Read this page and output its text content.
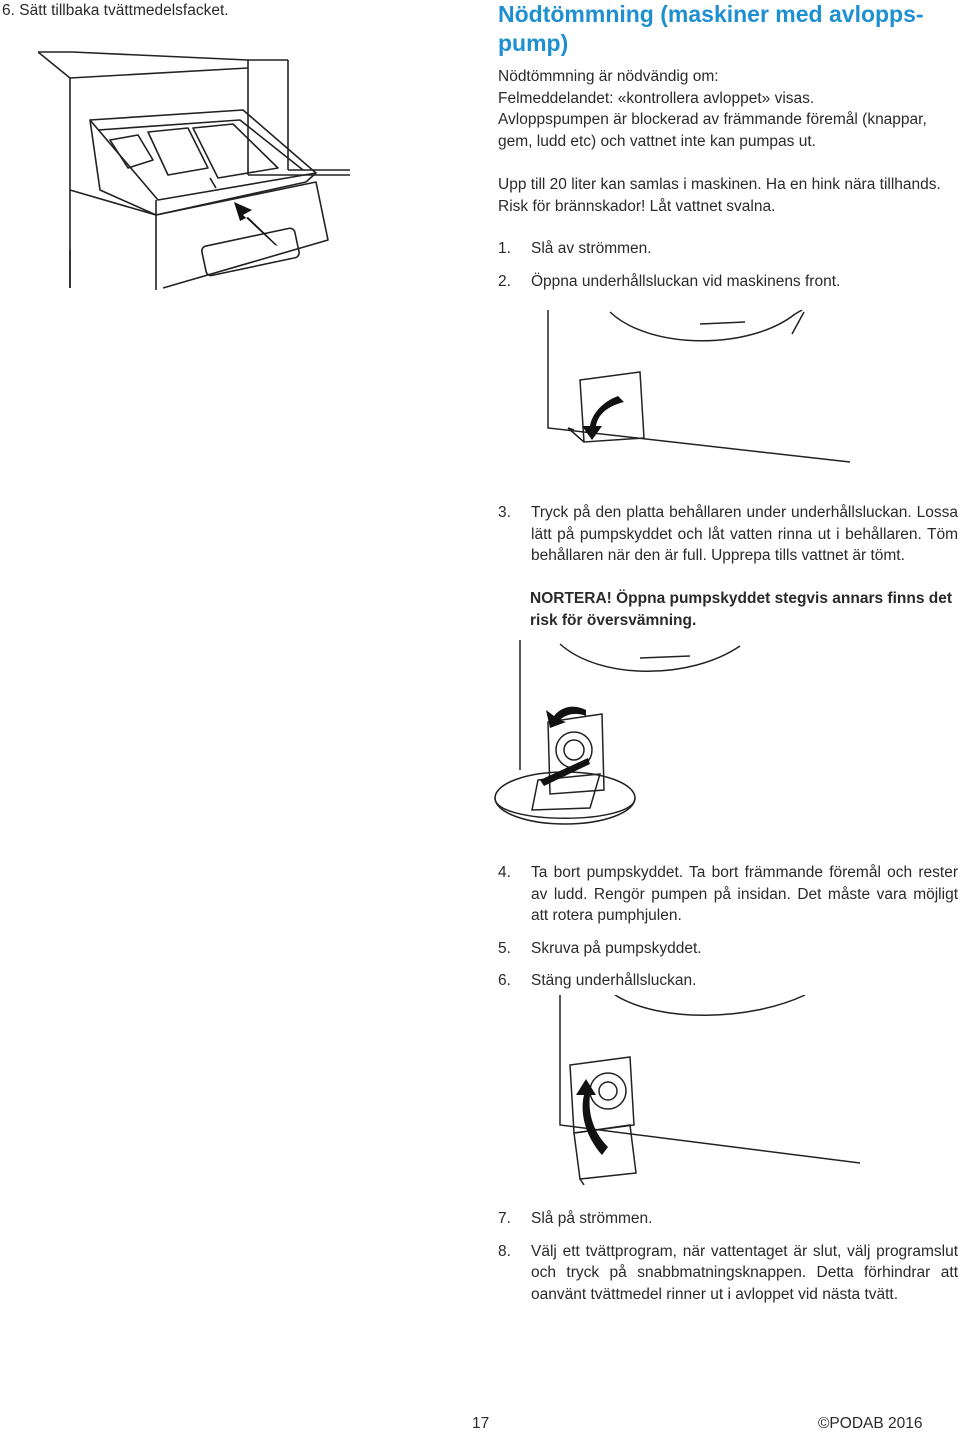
6. Sätt tillbaka tvättmedelsfacket.	Nödtömmning (maskiner med avlopps-pump)

Nödtömmning är nödvändig om:

Felmeddelandet: «kontrollera avloppet» visas.

Avloppspumpen är blockerad av främmande föremål (knappar, gem, ludd etc) och vattnet inte kan pumpas ut.

Upp till 20 liter kan samlas i maskinen. Ha en hink nära tillhands. Risk för brännskador! Låt vattnet svalna.

1.	Slå av strömmen.
2.	Öppna underhållsluckan vid maskinens front.
3.	Tryck på den platta behållaren under underhållsluckan. Lossa lätt på pumpskyddet och låt vatten rinna ut i behållaren. Töm behållaren när den är full. Upprepa tills vattnet är tömt.

NORTERA! Öppna pumpskyddet stegvis annars finns det risk för översvämning.

4.	Ta bort pumpskyddet. Ta bort främmande föremål och rester av ludd. Rengör pumpen på insidan. Det måste vara möjligt att rotera pumphjulen.
5.	Skruva på pumpskyddet.
6.	Stäng underhållsluckan.
7.	Slå på strömmen.
8.	Välj ett tvättprogram, när vattentaget är slut, välj programslut och tryck på snabbmatningsknappen. Detta förhindrar att oanvänt tvättmedel rinner ut i avloppet vid nästa tvätt.
17	©PODAB 2016
